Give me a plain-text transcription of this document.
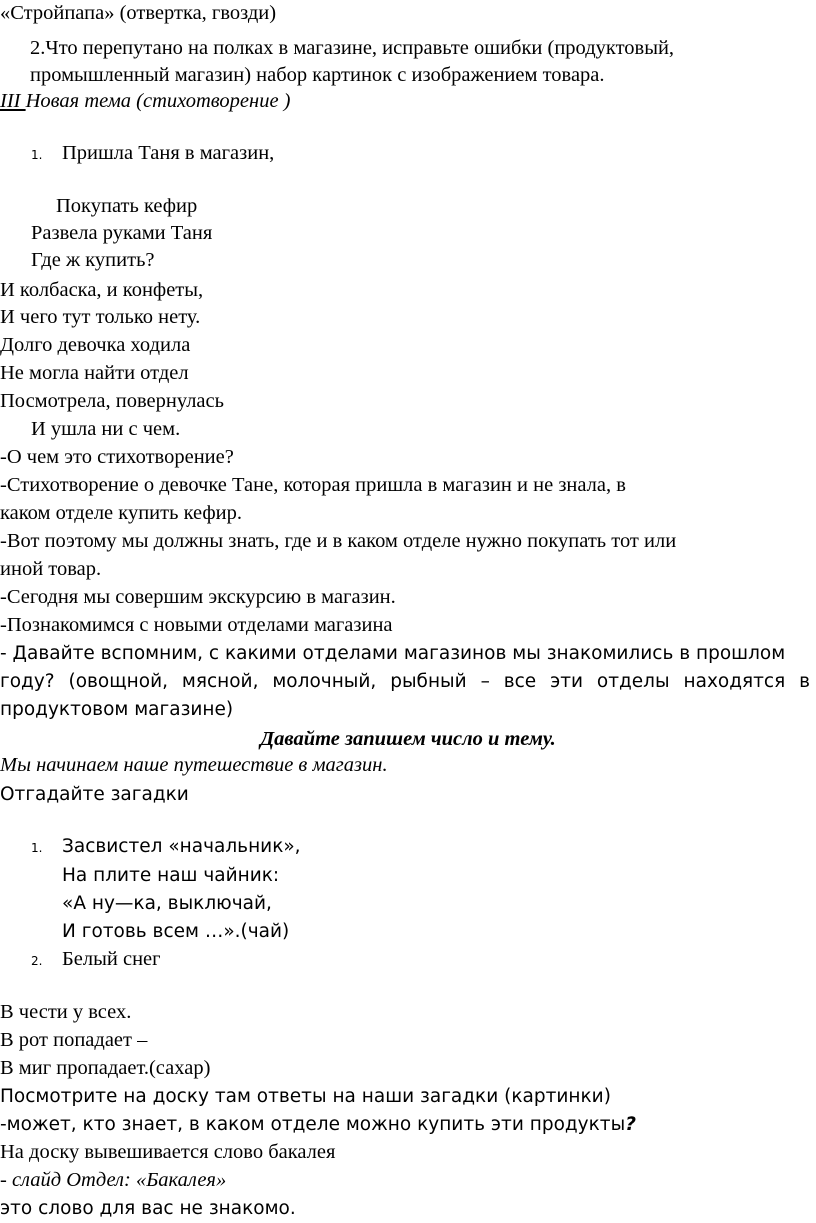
«Стройпапа» (отвертка, гвозди)
2.Что перепутано на полках в магазине, исправьте ошибки (продуктовый,
промышленный магазин) набор картинок с изображением товара.
III Новая тема (стихотворение )
1. Пришла Таня в магазин,
Покупать кефир
Развела руками Таня
Где ж купить?
И колбаска, и конфеты,
И чего тут только нету.
Долго девочка ходила
Не могла найти отдел
Посмотрела, повернулась
И ушла ни с чем.
-О чем это стихотворение?
-Стихотворение о девочке Тане, которая пришла в магазин и не знала, в
каком отделе купить кефир.
-Вот поэтому мы должны знать, где и в каком отделе нужно покупать тот или
иной товар.
-Сегодня мы совершим экскурсию в магазин.
-Познакомимся с новыми отделами магазина
- Давайте вспомним, с какими отделами магазинов мы знакомились в прошлом
году? (овощной, мясной, молочный, рыбный – все эти отделы находятся в
продуктовом магазине)
Давайте запишем число и тему.
Мы начинаем наше путешествие в магазин.
Отгадайте загадки
1. Засвистел «начальник»,
На плите наш чайник:
«А ну—ка, выключай,
И готовь всем …».(чай)
2. Белый снег
В чести у всех.
В рот попадает –
В миг пропадает.(сахар)
Посмотрите на доску там ответы на наши загадки (картинки)
-может, кто знает, в каком отделе можно купить эти продукты?
На доску вывешивается слово бакалея
- слайд Отдел: «Бакалея»
это слово для вас не знакомо.
